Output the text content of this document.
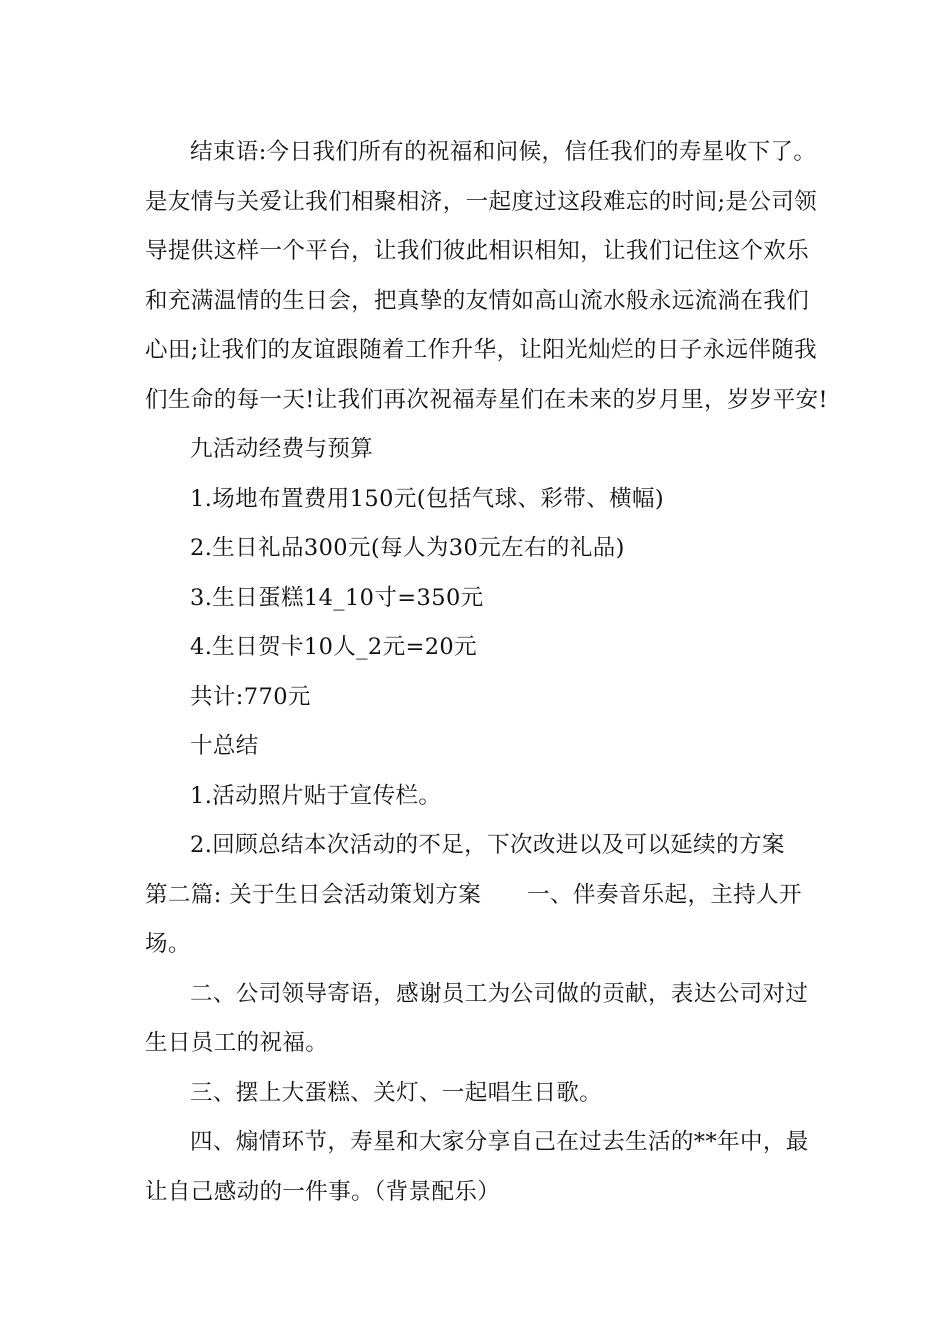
结束语:今日我们所有的祝福和问候，信任我们的寿星收下了。
是友情与关爱让我们相聚相济，一起度过这段难忘的时间;是公司领
导提供这样一个平台，让我们彼此相识相知，让我们记住这个欢乐
和充满温情的生日会，把真挚的友情如高山流水般永远流淌在我们
心田;让我们的友谊跟随着工作升华，让阳光灿烂的日子永远伴随我
们生命的每一天!让我们再次祝福寿星们在未来的岁月里，岁岁平安!
九活动经费与预算
1.场地布置费用150元(包括气球、彩带、横幅)
2.生日礼品300元(每人为30元左右的礼品)
3.生日蛋糕14_10寸=350元
4.生日贺卡10人_2元=20元
共计:770元
十总结
1.活动照片贴于宣传栏。
2.回顾总结本次活动的不足，下次改进以及可以延续的方案
第二篇: 关于生日会活动策划方案 一、伴奏音乐起，主持人开
场。
二、公司领导寄语，感谢员工为公司做的贡献，表达公司对过
生日员工的祝福。
三、摆上大蛋糕、关灯、一起唱生日歌。
四、煽情环节，寿星和大家分享自己在过去生活的**年中，最
让自己感动的一件事。（背景配乐）
